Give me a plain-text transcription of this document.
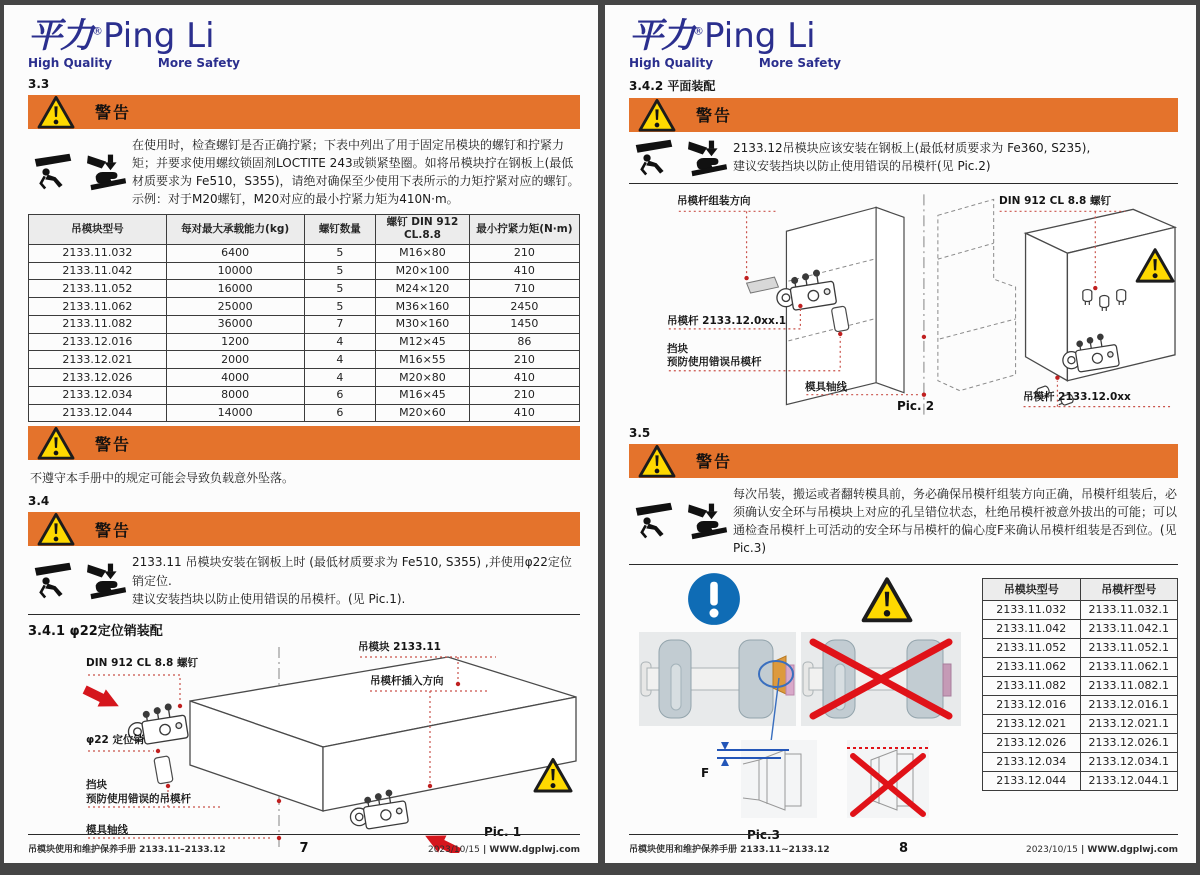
平力®Ping Li
High Quality	More Safety
3.3
警告
在使用时，检查螺钉是否正确拧紧；下表中列出了用于固定吊模块的螺钉和拧紧力矩；并要求使用螺纹锁固剂LOCTITE 243或锁紧垫圈。如将吊模块拧在钢板上(最低材质要求为 Fe510，S355)，请绝对确保至少使用下表所示的力矩拧紧对应的螺钉。
示例：对于M20螺钉，M20对应的最小拧紧力矩为410N·m。
吊模块型号	每对最大承载能力(kg)	螺钉数量	螺钉 DIN 912 CL.8.8	最小拧紧力矩(N·m)
2133.11.032	6400	5	M16×80	210
2133.11.042	10000	5	M20×100	410
2133.11.052	16000	5	M24×120	710
2133.11.062	25000	5	M36×160	2450
2133.11.082	36000	7	M30×160	1450
2133.12.016	1200	4	M12×45	86
2133.12.021	2000	4	M16×55	210
2133.12.026	4000	4	M20×80	410
2133.12.034	8000	6	M16×45	210
2133.12.044	14000	6	M20×60	410
警告
不遵守本手册中的规定可能会导致负载意外坠落。
3.4
警告
2133.11 吊模块安装在钢板上时 (最低材质要求为 Fe510, S355) ,并使用φ22定位销定位.
建议安装挡块以防止使用错误的吊模杆。(见 Pic.1).
3.4.1 φ22定位销装配
DIN 912 CL 8.8 螺钉
吊模块 2133.11
吊模杆插入方向
φ22 定位销
挡块
预防使用错误的吊模杆
模具轴线	Pic. 1
吊模块使用和维护保养手册 2133.11–2133.12	7	2023/10/15 | WWW.dgplwj.com
平力®Ping Li
High Quality	More Safety
3.4.2 平面装配
警告
2133.12吊模块应该安装在钢板上(最低材质要求为 Fe360, S235),
建议安装挡块以防止使用错误的吊模杆(见 Pic.2)
吊模杆组装方向	DIN 912 CL 8.8 螺钉
吊模杆 2133.12.0xx.1
挡块
预防使用错误吊模杆
模具轴线
Pic. 2
吊模杆 2133.12.0xx
3.5
警告
每次吊装，搬运或者翻转模具前，务必确保吊模杆组装方向正确，吊模杆组装后，必须确认安全环与吊模块上对应的孔呈错位状态，杜绝吊模杆被意外拔出的可能；可以通检查吊模杆上可活动的安全环与吊模杆的偏心度F来确认吊模杆组装是否到位。(见 Pic.3)
F
Pic.3
吊模块型号	吊模杆型号
2133.11.032	2133.11.032.1
2133.11.042	2133.11.042.1
2133.11.052	2133.11.052.1
2133.11.062	2133.11.062.1
2133.11.082	2133.11.082.1
2133.12.016	2133.12.016.1
2133.12.021	2133.12.021.1
2133.12.026	2133.12.026.1
2133.12.034	2133.12.034.1
2133.12.044	2133.12.044.1
吊模块使用和维护保养手册 2133.11~2133.12	8	2023/10/15 | WWW.dgplwj.com
